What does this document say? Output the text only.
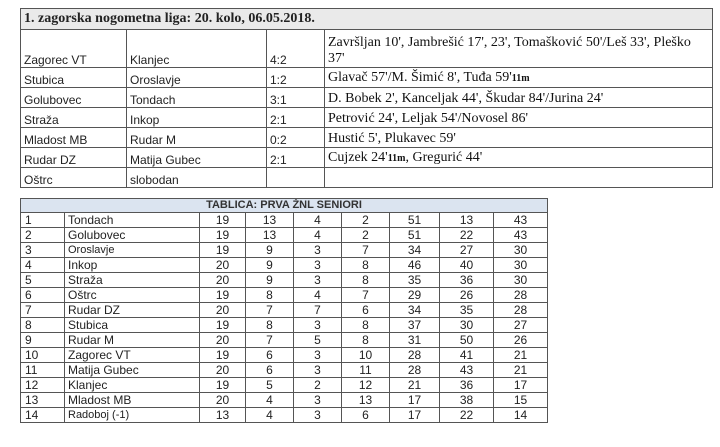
1. zagorska nogometna liga: 20. kolo, 06.05.2018.			
Zagorec VT	Klanjec	4:2	Završljan 10', Jambrešić 17', 23', Tomašković 50'/Leš 33', Pleško 37'
Stubica	Oroslavje	1:2	Glavač 57'/M. Šimić 8', Tuđa 59'11m
Golubovec	Tondach	3:1	D. Bobek 2', Kanceljak 44', Škudar 84'/Jurina 24'
Straža	Inkop	2:1	Petrović 24', Leljak 54'/Novosel 86'
Mladost MB	Rudar M	0:2	Hustić 5', Plukavec 59'
Rudar DZ	Matija Gubec	2:1	Cujzek 24'11m, Gregurić 44'
Oštrc	slobodan		
TABLICA: PRVA ŽNL SENIORI								
1	Tondach	19	13	4	2	51	13	43
2	Golubovec	19	13	4	2	51	22	43
3	Oroslavje	19	9	3	7	34	27	30
4	Inkop	20	9	3	8	46	40	30
5	Straža	20	9	3	8	35	36	30
6	Oštrc	19	8	4	7	29	26	28
7	Rudar DZ	20	7	7	6	34	35	28
8	Stubica	19	8	3	8	37	30	27
9	Rudar M	20	7	5	8	31	50	26
10	Zagorec VT	19	6	3	10	28	41	21
11	Matija Gubec	20	6	3	11	28	43	21
12	Klanjec	19	5	2	12	21	36	17
13	Mladost MB	20	4	3	13	17	38	15
14	Radoboj (-1)	13	4	3	6	17	22	14
